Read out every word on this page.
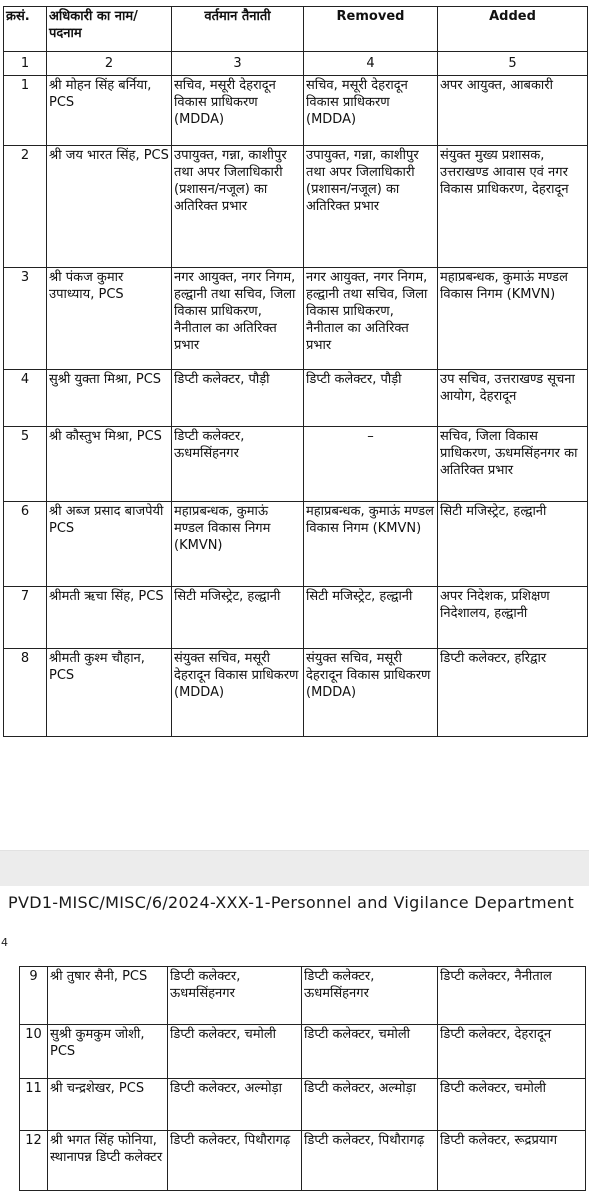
क्रसं.	अधिकारी का नाम/ पदनाम	वर्तमान तैनाती	Removed	Added
1	2	3	4	5
1	श्री मोहन सिंह बर्निया, PCS	सचिव, मसूरी देहरादून विकास प्राधिकरण (MDDA)	सचिव, मसूरी देहरादून विकास प्राधिकरण (MDDA)	अपर आयुक्त, आबकारी
2	श्री जय भारत सिंह, PCS	उपायुक्त, गन्ना, काशीपुर तथा अपर जिलाधिकारी (प्रशासन/नजूल) का अतिरिक्त प्रभार	उपायुक्त, गन्ना, काशीपुर तथा अपर जिलाधिकारी (प्रशासन/नजूल) का अतिरिक्त प्रभार	संयुक्त मुख्य प्रशासक, उत्तराखण्ड आवास एवं नगर विकास प्राधिकरण, देहरादून
3	श्री पंकज कुमार उपाध्याय, PCS	नगर आयुक्त, नगर निगम, हल्द्वानी तथा सचिव, जिला विकास प्राधिकरण, नैनीताल का अतिरिक्त प्रभार	नगर आयुक्त, नगर निगम, हल्द्वानी तथा सचिव, जिला विकास प्राधिकरण, नैनीताल का अतिरिक्त प्रभार	महाप्रबन्धक, कुमाऊं मण्डल विकास निगम (KMVN)
4	सुश्री युक्ता मिश्रा, PCS	डिप्टी कलेक्टर, पौड़ी	डिप्टी कलेक्टर, पौड़ी	उप सचिव, उत्तराखण्ड सूचना आयोग, देहरादून
5	श्री कौस्तुभ मिश्रा, PCS	डिप्टी कलेक्टर, ऊधमसिंहनगर	–	सचिव, जिला विकास प्राधिकरण, ऊधमसिंहनगर का अतिरिक्त प्रभार
6	श्री अब्ज प्रसाद बाजपेयी PCS	महाप्रबन्धक, कुमाऊं मण्डल विकास निगम (KMVN)	महाप्रबन्धक, कुमाऊं मण्डल विकास निगम (KMVN)	सिटी मजिस्ट्रेट, हल्द्वानी
7	श्रीमती ऋचा सिंह, PCS	सिटी मजिस्ट्रेट, हल्द्वानी	सिटी मजिस्ट्रेट, हल्द्वानी	अपर निदेशक, प्रशिक्षण निदेशालय, हल्द्वानी
8	श्रीमती कुश्म चौहान, PCS	संयुक्त सचिव, मसूरी देहरादून विकास प्राधिकरण (MDDA)	संयुक्त सचिव, मसूरी देहरादून विकास प्राधिकरण (MDDA)	डिप्टी कलेक्टर, हरिद्वार
PVD1-MISC/MISC/6/2024-XXX-1-Personnel and Vigilance Department
4
9	श्री तुषार सैनी, PCS	डिप्टी कलेक्टर, ऊधमसिंहनगर	डिप्टी कलेक्टर, ऊधमसिंहनगर	डिप्टी कलेक्टर, नैनीताल
10	सुश्री कुमकुम जोशी, PCS	डिप्टी कलेक्टर, चमोली	डिप्टी कलेक्टर, चमोली	डिप्टी कलेक्टर, देहरादून
11	श्री चन्द्रशेखर, PCS	डिप्टी कलेक्टर, अल्मोड़ा	डिप्टी कलेक्टर, अल्मोड़ा	डिप्टी कलेक्टर, चमोली
12	श्री भगत सिंह फोनिया, स्थानापन्न डिप्टी कलेक्टर	डिप्टी कलेक्टर, पिथौरागढ़	डिप्टी कलेक्टर, पिथौरागढ़	डिप्टी कलेक्टर, रूद्रप्रयाग
